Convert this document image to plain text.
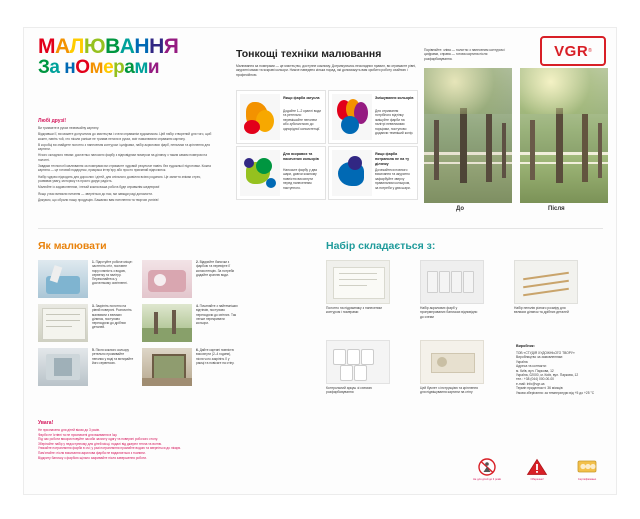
МАЛЮВАННЯ
За нОмерами
VGR ®
Любі друзі!
Ви тримаєте в руках незвичайну картину.
Відкривши її, ви можете долучитися до мистецтва і стати справжнім художником. Цей набір створений для того, щоб кожен, навіть той, хто ніколи раніше не тримав пензля в руках, зміг намалювати справжню картину.
В коробці ви знайдете полотно з нанесеним контуром і цифрами, набір акрилових фарб, пензлики та кріплення для картини.
Нічого складного немає: достатньо наносити фарбу з відповідним номером на ділянку з таким самим номером на полотні.
Завдяки технології малювання за номерами ви отримаєте чудовий результат навіть без художньої підготовки. Кожна картина — це готовий подарунок, прикраса інтер'єру або просто приємний відпочинок.
Набір чудово підходить для дорослих і дітей, для спільного дозвілля всією родиною. Це заняття знімає стрес, розвиває увагу, моторику та просто дарує радість.
Малюйте із задоволенням, і нехай кожна ваша робота буде справжнім шедевром!
Якщо у вас виникли питання — зверніться до нас, ми завжди раді допомогти.
Дякуємо, що обрали нашу продукцію. Бажаємо вам натхнення та творчих успіхів!
Тонкощі техніки малювання
Малювання за номерами — це мистецтво, доступне кожному. Дотримуючись нескладних правил, ви отримаєте рівні, акуратні мазки та яскраві кольори. Нижче наведено кілька порад, які допоможуть вам зробити роботу охайною і професійною.
Якщо фарба загусла
Додайте 1–2 краплі води та ретельно перемішайте пензлем або зубочисткою до однорідної консистенції.
Змішування кольорів
Для отримання потрібного відтінку змішуйте фарби на палітрі невеликими порціями, поступово додаючи темніший колір.
Для яскравих та насичених кольорів
Наносьте фарбу у два шари, даючи кожному повністю висохнути перед нанесенням наступного.
Якщо фарба потрапила не на ту ділянку
Дочекайтеся повного висихання та акуратно зафарбуйте зверху правильним кольором, за потреби у два шари.
Порівняйте: зліва — полотно з нанесеним контуром і цифрами, справа — готова картина після розфарбовування.
До	Після
Як малювати
1. Підготуйте робоче місце: застеліть стіл, поставте поруч ємність з водою, серветку та палітру. Переконайтесь у достатньому освітленні.
2. Відкрийте баночки з фарбою та перевірте її консистенцію. За потреби додайте краплю води.
3. Закріпіть полотно на рівній поверхні. Розпочніть малювати з великих ділянок, поступово переходячи до дрібних деталей.
4. Починайте з найтемніших відтінків, поступово переходячи до світлих. Так легше перекривати кольори.
5. Після кожного кольору ретельно промивайте пензлик у воді та витирайте його серветкою.
6. Дайте картині повністю висохнути (2–4 години), після чого закріпіть її у рамці та повісьте на стіну.
Набір складається з:
Полотно на підрамнику з нанесеним контуром і номерами
Набір акрилових фарб у пронумерованих баночках відповідно до схеми
Набір пензлів різного розміру для великих ділянок та дрібних деталей
Контрольний аркуш зі схемою розфарбовування
Цей буклет з інструкцією та кріплення для підвішування картини на стіну
Виробник:
ТОВ «СТУДІЯ ХУДОЖНЬОГО ТВОРУ»
Виробництво за замовленням:
Україна
Адреса та контакти:
м. Київ, вул. Паркова, 12
Україна, 02000, м. Київ, вул. Паркова, 12
тел.: +38 (044) 000-00-00
e-mail: info@vgr.ua
Термін придатності: 36 місяців
Умови зберігання: за температури від +5 до +25 °С
Увага!
Не призначено для дітей віком до 3 років.
Фарби не їстівні та не призначені для вживання в їжу.
Під час роботи використовуйте засоби захисту одягу та поверхні робочого столу.
Зберігайте набір у недоступному для дітей місці, подалі від джерел тепла та вогню.
Уникайте потрапляння фарби в очі; у разі потрапляння промийте водою та зверніться до лікаря.
Пам'ятайте: після висихання акрилова фарба не видаляється з тканини.
Відкриту баночку з фарбою щільно закривайте після завершення роботи.
Не для дітей до 3 років	Обережно!	Сертифіковано
